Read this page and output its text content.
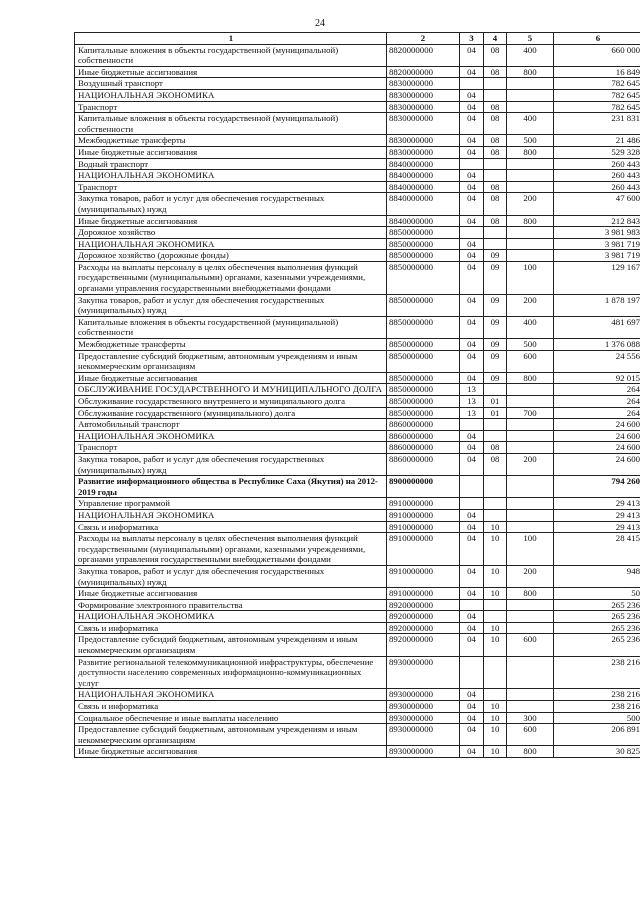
24
1	2	3	4	5	6
Капитальные вложения в объекты государственной (муниципальной) собственности	8820000000	04	08	400	660 000
Иные бюджетные ассигнования	8820000000	04	08	800	16 849
Воздушный транспорт	8830000000				782 645
НАЦИОНАЛЬНАЯ ЭКОНОМИКА	8830000000	04			782 645
Транспорт	8830000000	04	08		782 645
Капитальные вложения в объекты государственной (муниципальной) собственности	8830000000	04	08	400	231 831
Межбюджетные трансферты	8830000000	04	08	500	21 486
Иные бюджетные ассигнования	8830000000	04	08	800	529 328
Водный транспорт	8840000000				260 443
НАЦИОНАЛЬНАЯ ЭКОНОМИКА	8840000000	04			260 443
Транспорт	8840000000	04	08		260 443
Закупка товаров, работ и услуг для обеспечения государственных (муниципальных) нужд	8840000000	04	08	200	47 600
Иные бюджетные ассигнования	8840000000	04	08	800	212 843
Дорожное хозяйство	8850000000				3 981 983
НАЦИОНАЛЬНАЯ ЭКОНОМИКА	8850000000	04			3 981 719
Дорожное хозяйство (дорожные фонды)	8850000000	04	09		3 981 719
Расходы на выплаты персоналу в целях обеспечения выполнения функций государственными (муниципальными) органами, казенными учреждениями, органами управления государственными внебюджетными фондами	8850000000	04	09	100	129 167
Закупка товаров, работ и услуг для обеспечения государственных (муниципальных) нужд	8850000000	04	09	200	1 878 197
Капитальные вложения в объекты государственной (муниципальной) собственности	8850000000	04	09	400	481 697
Межбюджетные трансферты	8850000000	04	09	500	1 376 088
Предоставление субсидий бюджетным, автономным учреждениям и иным некоммерческим организациям	8850000000	04	09	600	24 556
Иные бюджетные ассигнования	8850000000	04	09	800	92 015
ОБСЛУЖИВАНИЕ ГОСУДАРСТВЕННОГО И МУНИЦИПАЛЬНОГО ДОЛГА	8850000000	13			264
Обслуживание государственного внутреннего и муниципального долга	8850000000	13	01		264
Обслуживание государственного (муниципального) долга	8850000000	13	01	700	264
Автомобильный транспорт	8860000000				24 600
НАЦИОНАЛЬНАЯ ЭКОНОМИКА	8860000000	04			24 600
Транспорт	8860000000	04	08		24 600
Закупка товаров, работ и услуг для обеспечения государственных (муниципальных) нужд	8860000000	04	08	200	24 600
Развитие информационного общества в Республике Саха (Якутия) на 2012-2019 годы	8900000000				794 260
Управление программой	8910000000				29 413
НАЦИОНАЛЬНАЯ ЭКОНОМИКА	8910000000	04			29 413
Связь и информатика	8910000000	04	10		29 413
Расходы на выплаты персоналу в целях обеспечения выполнения функций государственными (муниципальными) органами, казенными учреждениями, органами управления государственными внебюджетными фондами	8910000000	04	10	100	28 415
Закупка товаров, работ и услуг для обеспечения государственных (муниципальных) нужд	8910000000	04	10	200	948
Иные бюджетные ассигнования	8910000000	04	10	800	50
Формирование электронного правительства	8920000000				265 236
НАЦИОНАЛЬНАЯ ЭКОНОМИКА	8920000000	04			265 236
Связь и информатика	8920000000	04	10		265 236
Предоставление субсидий бюджетным, автономным учреждениям и иным некоммерческим организациям	8920000000	04	10	600	265 236
Развитие региональной телекоммуникационной инфраструктуры, обеспечение доступности населению современных информационно-коммуникационных услуг	8930000000				238 216
НАЦИОНАЛЬНАЯ ЭКОНОМИКА	8930000000	04			238 216
Связь и информатика	8930000000	04	10		238 216
Социальное обеспечение и иные выплаты населению	8930000000	04	10	300	500
Предоставление субсидий бюджетным, автономным учреждениям и иным некоммерческим организациям	8930000000	04	10	600	206 891
Иные бюджетные ассигнования	8930000000	04	10	800	30 825
